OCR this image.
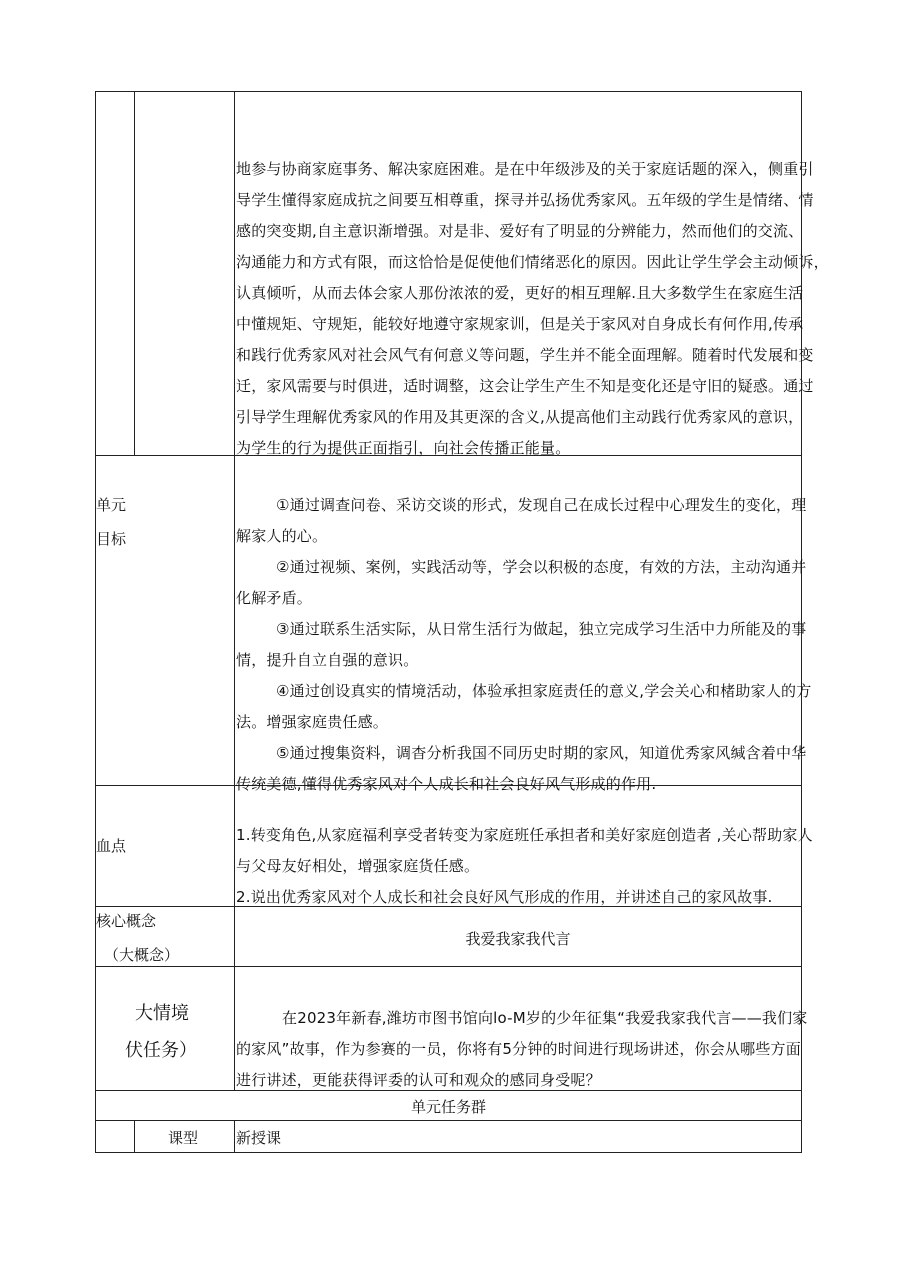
地参与协商家庭事务、解决家庭困难。是在中年级涉及的关于家庭话题的深入，侧重引
导学生懂得家庭成抗之间要互相尊重，探寻并弘扬优秀家风。五年级的学生是情绪、情
感的突变期,自主意识渐增强。对是非、爱好有了明显的分辨能力，然而他们的交流、
沟通能力和方式有限，而这恰恰是促使他们情绪恶化的原因。因此让学生学会主动倾诉，
认真倾听，从而去体会家人那份浓浓的爱，更好的相互理解.且大多数学生在家庭生活
中懂规矩、守规矩，能较好地遵守家规家训，但是关于家风对自身成长有何作用,传承
和践行优秀家风对社会风气有何意义等问题，学生并不能全面理解。随着时代发展和变
迁，家风需要与时俱进，适时调整，这会让学生产生不知是变化还是守旧的疑惑。通过
引导学生理解优秀家风的作用及其更深的含义,从提高他们主动践行优秀家风的意识，
为学生的行为提供正面指引，向社会传播正能量。
单元
目标
①通过调查问卷、采访交谈的形式，发现自己在成长过程中心理发生的变化，理
解家人的心。
②通过视频、案例，实践活动等，学会以积极的态度，有效的方法，主动沟通并
化解矛盾。
③通过联系生活实际，从日常生活行为做起，独立完成学习生活中力所能及的事
情，提升自立自强的意识。
④通过创设真实的情境活动，体验承担家庭责任的意义,学会关心和楮助家人的方
法。增强家庭贵任感。
⑤通过搜集资料，调杳分析我国不同历史时期的家风，知道优秀家风缄含着中华
传统美德,懂得优秀家风对个人成长和社会良好风气形成的作用.
血点
1.转变角色,从家庭福利享受者转变为家庭班任承担者和美好家庭创造者 ,关心帮助家人
与父母友好相处，增强家庭货任感。
2.说出优秀家风对个人成长和社会良好风气形成的作用，并讲述自己的家风故事.
核心概念
（大概念）
我爱我家我代言
大情境
伏任务）
在2023年新春,潍坊市图书馆向lo-M岁的少年征集“我爱我家我代言——我们家
的家风”故事，作为参赛的一员，你将有5分钟的时间进行现场讲述，你会从哪些方面
进行讲述，更能获得评委的认可和观众的感同身受呢？
单元任务群
课型	新授课
